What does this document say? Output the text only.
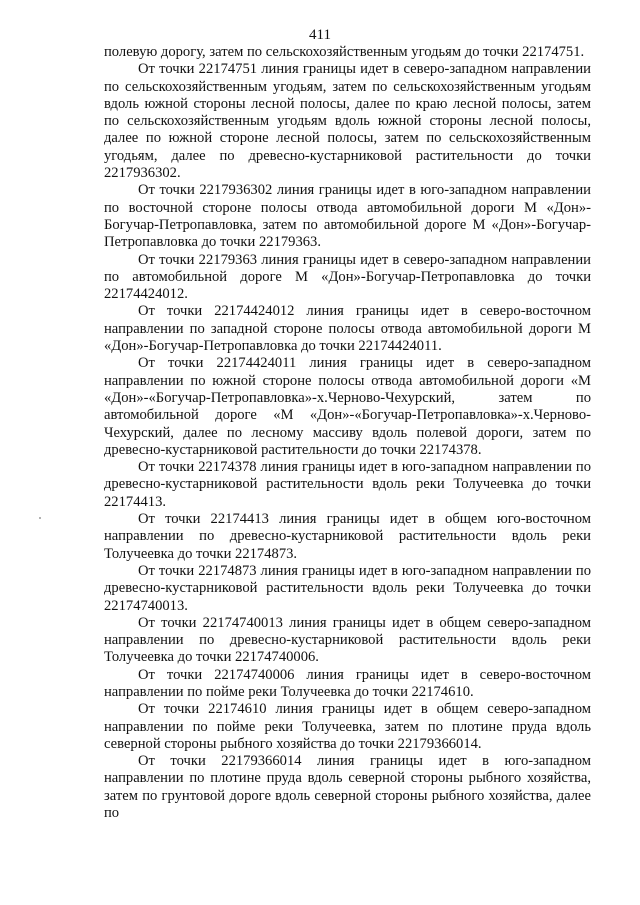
411

полевую дорогу, затем по сельскохозяйственным угодьям до точки 22174751.

От точки 22174751 линия границы идет в северо-западном направлении по сельскохозяйственным угодьям, затем по сельскохозяйственным угодьям вдоль южной стороны лесной полосы, далее по краю лесной полосы, затем по сельскохозяйственным угодьям вдоль южной стороны лесной полосы, далее по южной стороне лесной полосы, затем по сельскохозяйственным угодьям, далее по древесно-кустарниковой растительности до точки 2217936302.

От точки 2217936302 линия границы идет в юго-западном направлении по восточной стороне полосы отвода автомобильной дороги М «Дон»-Богучар-Петропавловка, затем по автомобильной дороге М «Дон»-Богучар-Петропавловка до точки 22179363.

От точки 22179363 линия границы идет в северо-западном направлении по автомобильной дороге М «Дон»-Богучар-Петропавловка до точки 22174424012.

От точки 22174424012 линия границы идет в северо-восточном направлении по западной стороне полосы отвода автомобильной дороги М «Дон»-Богучар-Петропавловка до точки 22174424011.

От точки 22174424011 линия границы идет в северо-западном направлении по южной стороне полосы отвода автомобильной дороги «М «Дон»-«Богучар-Петропавловка»-х.Черново-Чехурский, затем по автомобильной дороге «М «Дон»-«Богучар-Петропавловка»-х.Черново-Чехурский, далее по лесному массиву вдоль полевой дороги, затем по древесно-кустарниковой растительности до точки 22174378.

От точки 22174378 линия границы идет в юго-западном направлении по древесно-кустарниковой растительности вдоль реки Толучеевка до точки 22174413.

От точки 22174413 линия границы идет в общем юго-восточном направлении по древесно-кустарниковой растительности вдоль реки Толучеевка до точки 22174873.

От точки 22174873 линия границы идет в юго-западном направлении по древесно-кустарниковой растительности вдоль реки Толучеевка до точки 22174740013.

От точки 22174740013 линия границы идет в общем северо-западном направлении по древесно-кустарниковой растительности вдоль реки Толучеевка до точки 22174740006.

От точки 22174740006 линия границы идет в северо-восточном направлении по пойме реки Толучеевка до точки 22174610.

От точки 22174610 линия границы идет в общем северо-западном направлении по пойме реки Толучеевка, затем по плотине пруда вдоль северной стороны рыбного хозяйства до точки 22179366014.

От точки 22179366014 линия границы идет в юго-западном направлении по плотине пруда вдоль северной стороны рыбного хозяйства, затем по грунтовой дороге вдоль северной стороны рыбного хозяйства, далее по
